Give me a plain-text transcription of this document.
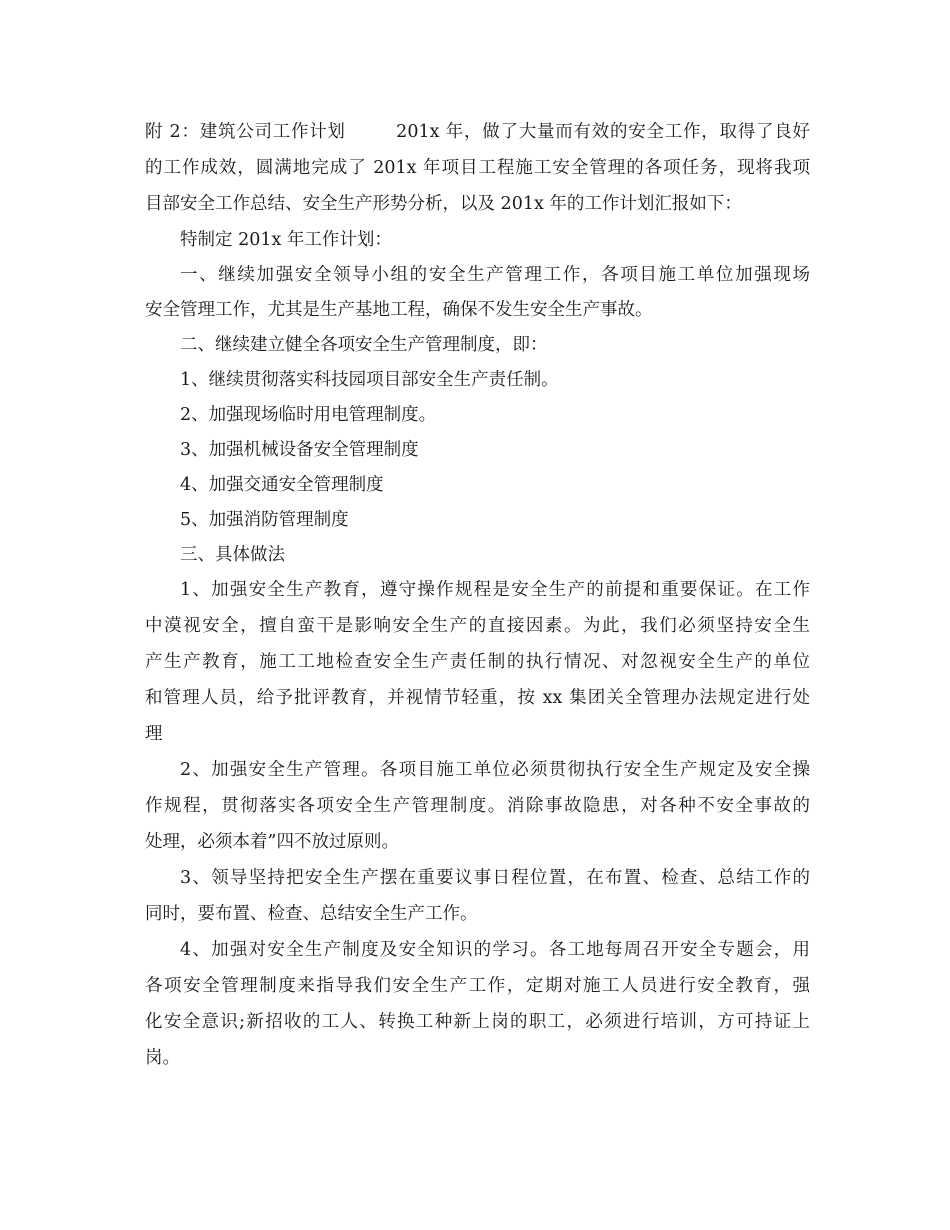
附 2：建筑公司工作计划        201x 年，做了大量而有效的安全工作，取得了良好
的工作成效，圆满地完成了 201x 年项目工程施工安全管理的各项任务，现将我项
目部安全工作总结、安全生产形势分析，以及 201x 年的工作计划汇报如下：
特制定 201x 年工作计划：
一、继续加强安全领导小组的安全生产管理工作，各项目施工单位加强现场
安全管理工作，尤其是生产基地工程，确保不发生安全生产事故。
二、继续建立健全各项安全生产管理制度，即：
1、继续贯彻落实科技园项目部安全生产责任制。
2、加强现场临时用电管理制度。
3、加强机械设备安全管理制度
4、加强交通安全管理制度
5、加强消防管理制度
三、具体做法
1、加强安全生产教育，遵守操作规程是安全生产的前提和重要保证。在工作
中漠视安全，擅自蛮干是影响安全生产的直接因素。为此，我们必须坚持安全生
产生产教育，施工工地检查安全生产责任制的执行情况、对忽视安全生产的单位
和管理人员，给予批评教育，并视情节轻重，按 xx 集团关全管理办法规定进行处
理
2、加强安全生产管理。各项目施工单位必须贯彻执行安全生产规定及安全操
作规程，贯彻落实各项安全生产管理制度。消除事故隐患，对各种不安全事故的
处理，必须本着”四不放过原则。
3、领导坚持把安全生产摆在重要议事日程位置，在布置、检查、总结工作的
同时，要布置、检查、总结安全生产工作。
4、加强对安全生产制度及安全知识的学习。各工地每周召开安全专题会，用
各项安全管理制度来指导我们安全生产工作，定期对施工人员进行安全教育，强
化安全意识;新招收的工人、转换工种新上岗的职工，必须进行培训，方可持证上
岗。
